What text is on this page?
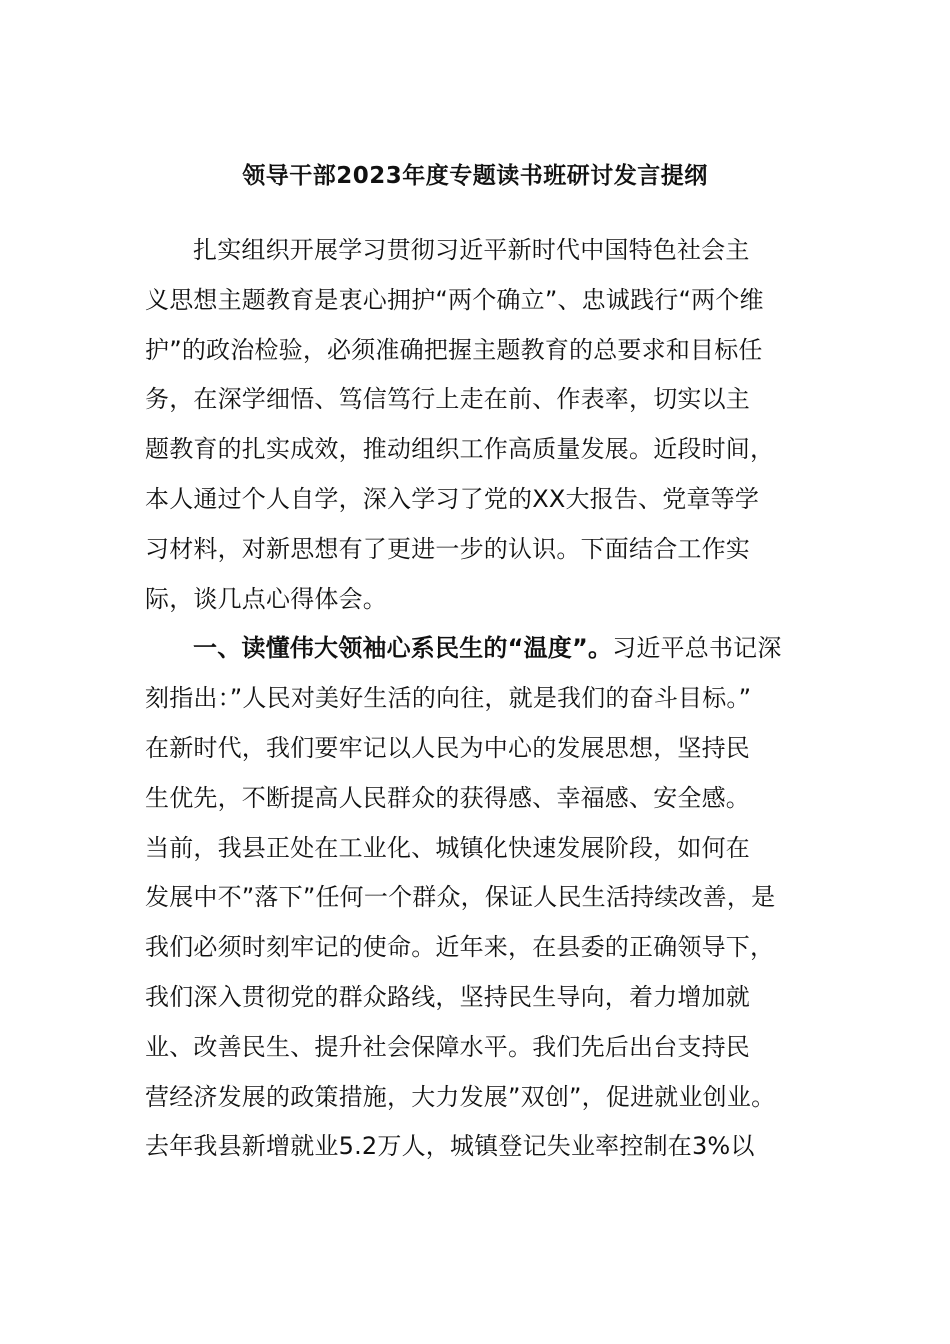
领导干部2023年度专题读书班研讨发言提纲
扎实组织开展学习贯彻习近平新时代中国特色社会主
义思想主题教育是衷心拥护“两个确立”、忠诚践行“两个维
护”的政治检验，必须准确把握主题教育的总要求和目标任
务，在深学细悟、笃信笃行上走在前、作表率，切实以主
题教育的扎实成效，推动组织工作高质量发展。近段时间，
本人通过个人自学，深入学习了党的XX大报告、党章等学
习材料，对新思想有了更进一步的认识。下面结合工作实
际，谈几点心得体会。
一、读懂伟大领袖心系民生的“温度”。习近平总书记深
刻指出：”人民对美好生活的向往，就是我们的奋斗目标。”
在新时代，我们要牢记以人民为中心的发展思想，坚持民
生优先，不断提高人民群众的获得感、幸福感、安全感。
当前，我县正处在工业化、城镇化快速发展阶段，如何在
发展中不”落下”任何一个群众，保证人民生活持续改善，是
我们必须时刻牢记的使命。近年来，在县委的正确领导下，
我们深入贯彻党的群众路线，坚持民生导向，着力增加就
业、改善民生、提升社会保障水平。我们先后出台支持民
营经济发展的政策措施，大力发展”双创”，促进就业创业。
去年我县新增就业5.2万人，城镇登记失业率控制在3%以
